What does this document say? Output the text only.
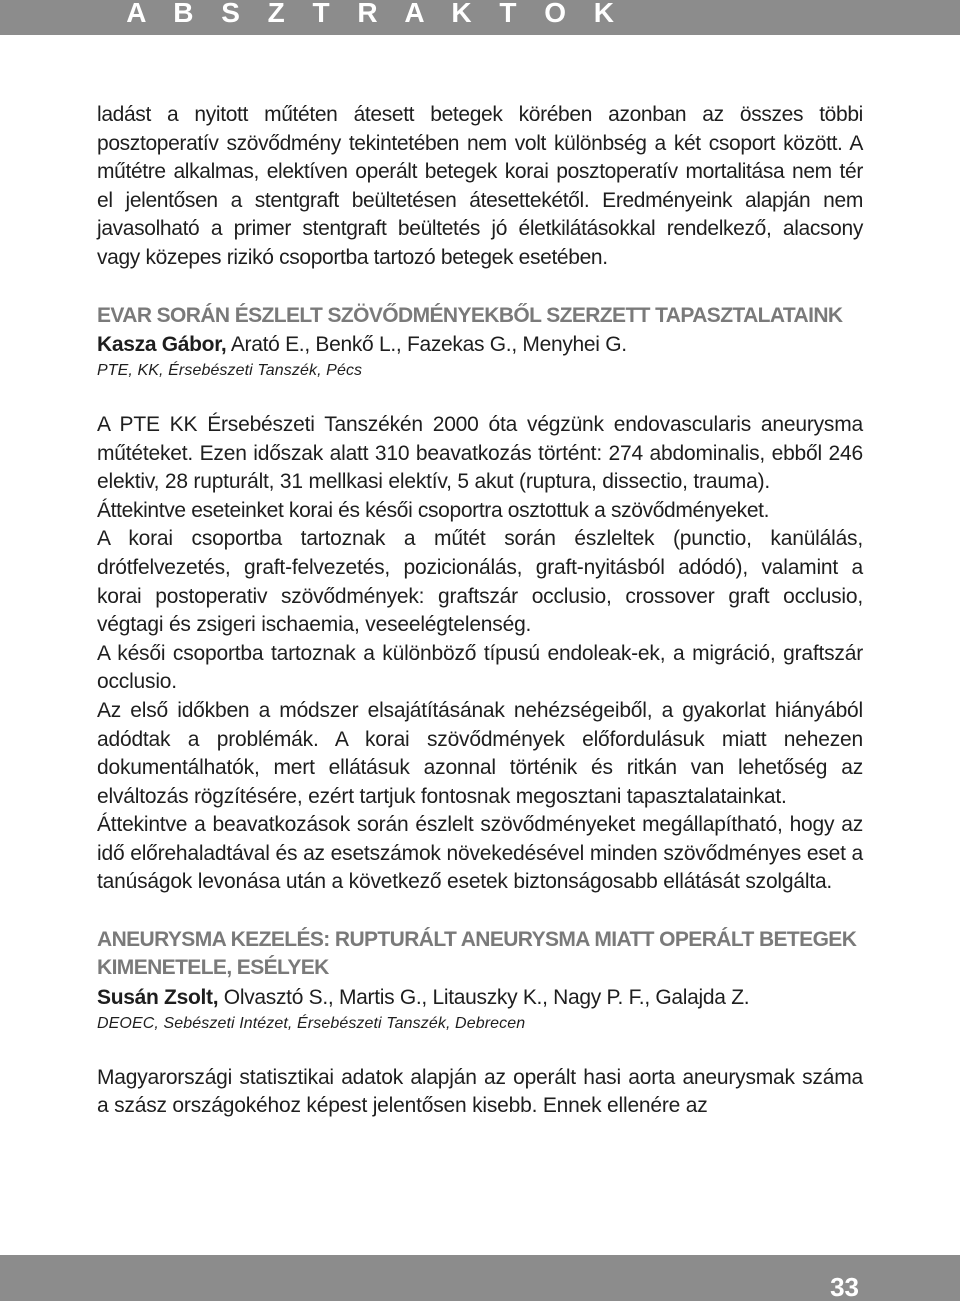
A B S Z T R A K T O K

ladást a nyitott műtéten átesett betegek körében azonban az összes többi posztoperatív szövődmény tekintetében nem volt különbség a két csoport között. A műtétre alkalmas, elektíven operált betegek korai posztoperatív mortalitása nem tér el jelentősen a stentgraft beültetésen átesettekétől. Eredményeink alapján nem javasolható a primer stentgraft beültetés jó életkilátásokkal rendelkező, alacsony vagy közepes rizikó csoportba tartozó betegek esetében.

EVAR SORÁN ÉSZLELT SZÖVŐDMÉNYEKBŐL SZERZETT TAPASZTALATAINK

Kasza Gábor, Arató E., Benkő L., Fazekas G., Menyhei G.

PTE, KK, Érsebészeti Tanszék, Pécs

A PTE KK Érsebészeti Tanszékén 2000 óta végzünk endovascularis aneurysma műtéteket. Ezen időszak alatt 310 beavatkozás történt: 274 abdominalis, ebből 246 elektiv, 28 rupturált, 31 mellkasi elektív, 5 akut (ruptura, dissectio, trauma).

Áttekintve eseteinket korai és késői csoportra osztottuk a szövődményeket.

A korai csoportba tartoznak a műtét során észleltek (punctio, kanülálás, drótfelvezetés, graft-felvezetés, pozicionálás, graft-nyitásból adódó), valamint a korai postoperativ szövődmények: graftszár occlusio, crossover graft occlusio, végtagi és zsigeri ischaemia, veseelégtelenség.

A késői csoportba tartoznak a különböző típusú endoleak-ek, a migráció, graftszár occlusio.

Az első időkben a módszer elsajátításának nehézségeiből, a gyakorlat hiányából adódtak a problémák. A korai szövődmények előfordulásuk miatt nehezen dokumentálhatók, mert ellátásuk azonnal történik és ritkán van lehetőség az elváltozás rögzítésére, ezért tartjuk fontosnak megosztani tapasztalatainkat.

Áttekintve a beavatkozások során észlelt szövődményeket megállapítható, hogy az idő előrehaladtával és az esetszámok növekedésével minden szövődményes eset a tanúságok levonása után a következő esetek biztonságosabb ellátását szolgálta.

ANEURYSMA KEZELÉS: RUPTURÁLT ANEURYSMA MIATT OPERÁLT BETEGEK KIMENETELE, ESÉLYEK

Susán Zsolt, Olvasztó S., Martis G., Litauszky K., Nagy P. F., Galajda Z.

DEOEC, Sebészeti Intézet, Érsebészeti Tanszék, Debrecen

Magyarországi statisztikai adatok alapján az operált hasi aorta aneurysmak száma a szász országokéhoz képest jelentősen kisebb. Ennek ellenére az

33
